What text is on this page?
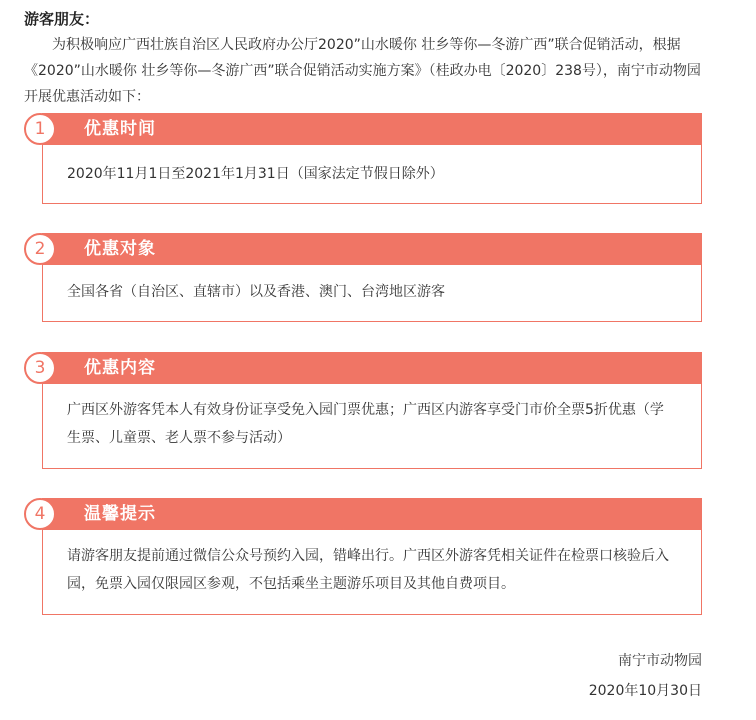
游客朋友：

为积极响应广西壮族自治区人民政府办公厅2020”山水暖你 壮乡等你—冬游广西”联合促销活动，根据《2020”山水暖你 壮乡等你—冬游广西”联合促销活动实施方案》（桂政办电〔2020〕238号），南宁市动物园开展优惠活动如下：

优惠时间
1

2020年11月1日至2021年1月31日（国家法定节假日除外）

优惠对象
2

全国各省（自治区、直辖市）以及香港、澳门、台湾地区游客

优惠内容
3

广西区外游客凭本人有效身份证享受免入园门票优惠；广西区内游客享受门市价全票5折优惠（学生票、儿童票、老人票不参与活动）

温馨提示
4

请游客朋友提前通过微信公众号预约入园，错峰出行。广西区外游客凭相关证件在检票口核验后入园，免票入园仅限园区参观，不包括乘坐主题游乐项目及其他自费项目。

南宁市动物园
2020年10月30日
